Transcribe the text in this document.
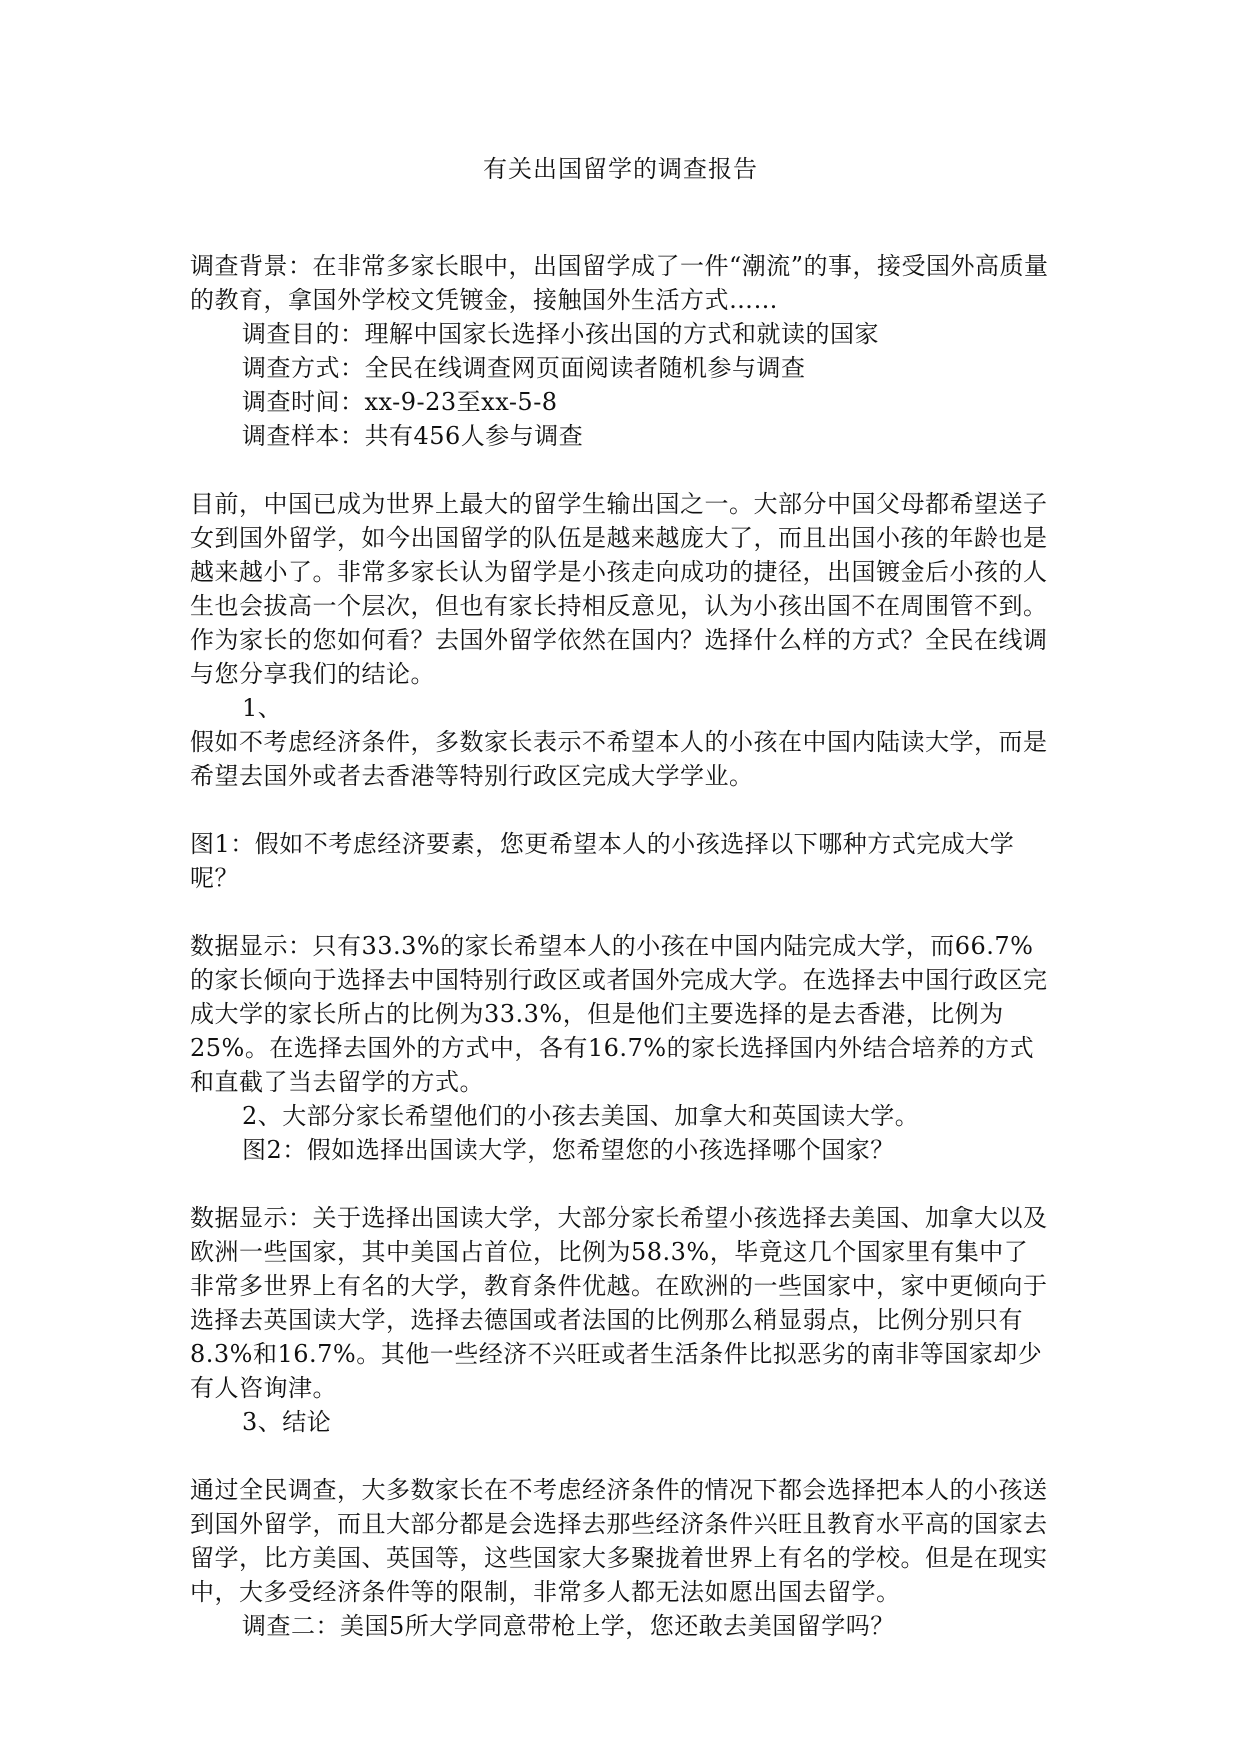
有关出国留学的调查报告

调查背景：在非常多家长眼中，出国留学成了一件“潮流”的事，接受国外高质量的教育，拿国外学校文凭镀金，接触国外生活方式……

调查目的：理解中国家长选择小孩出国的方式和就读的国家

调查方式：全民在线调查网页面阅读者随机参与调查

调查时间：xx-9-23至xx-5-8

调查样本：共有456人参与调查

目前，中国已成为世界上最大的留学生输出国之一。大部分中国父母都希望送子女到国外留学，如今出国留学的队伍是越来越庞大了，而且出国小孩的年龄也是越来越小了。非常多家长认为留学是小孩走向成功的捷径，出国镀金后小孩的人生也会拔高一个层次，但也有家长持相反意见，认为小孩出国不在周围管不到。作为家长的您如何看？去国外留学依然在国内？选择什么样的方式？全民在线调与您分享我们的结论。

1、

假如不考虑经济条件，多数家长表示不希望本人的小孩在中国内陆读大学，而是希望去国外或者去香港等特别行政区完成大学学业。

图1：假如不考虑经济要素，您更希望本人的小孩选择以下哪种方式完成大学呢？

数据显示：只有33.3%的家长希望本人的小孩在中国内陆完成大学，而66.7%的家长倾向于选择去中国特别行政区或者国外完成大学。在选择去中国行政区完成大学的家长所占的比例为33.3%，但是他们主要选择的是去香港，比例为25%。在选择去国外的方式中，各有16.7%的家长选择国内外结合培养的方式和直截了当去留学的方式。

2、大部分家长希望他们的小孩去美国、加拿大和英国读大学。

图2：假如选择出国读大学，您希望您的小孩选择哪个国家？

数据显示：关于选择出国读大学，大部分家长希望小孩选择去美国、加拿大以及欧洲一些国家，其中美国占首位，比例为58.3%，毕竟这几个国家里有集中了非常多世界上有名的大学，教育条件优越。在欧洲的一些国家中，家中更倾向于选择去英国读大学，选择去德国或者法国的比例那么稍显弱点，比例分别只有8.3%和16.7%。其他一些经济不兴旺或者生活条件比拟恶劣的南非等国家却少有人咨询津。

3、结论

通过全民调查，大多数家长在不考虑经济条件的情况下都会选择把本人的小孩送到国外留学，而且大部分都是会选择去那些经济条件兴旺且教育水平高的国家去留学，比方美国、英国等，这些国家大多聚拢着世界上有名的学校。但是在现实中，大多受经济条件等的限制，非常多人都无法如愿出国去留学。

调查二：美国5所大学同意带枪上学，您还敢去美国留学吗？
